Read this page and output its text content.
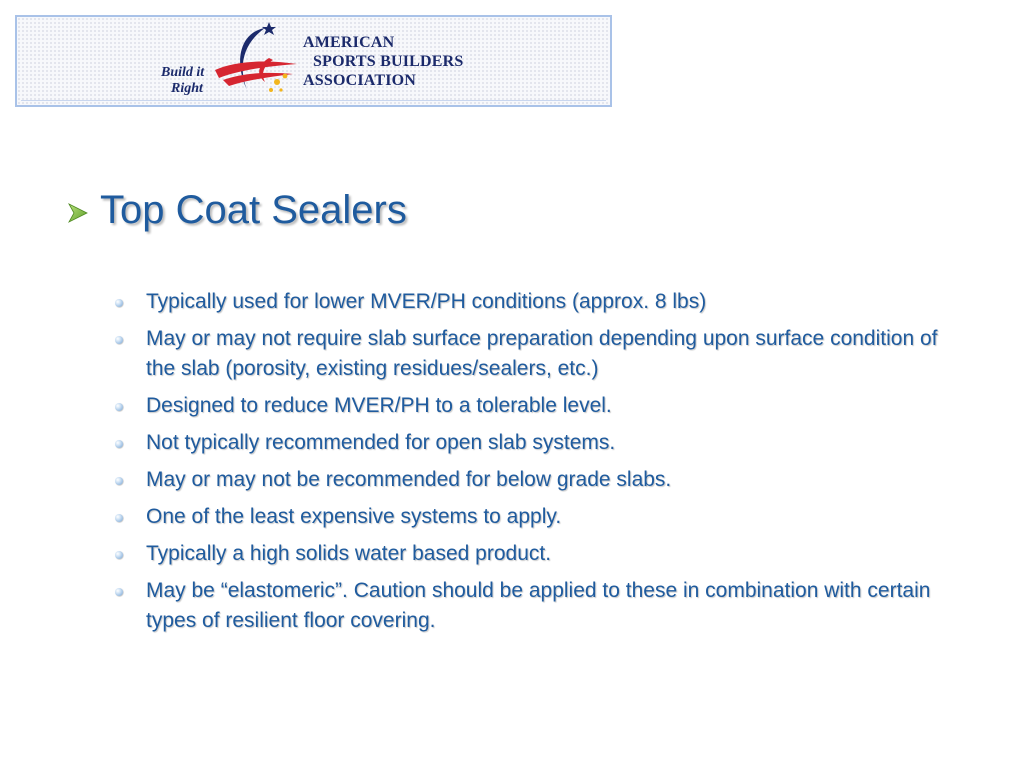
Build it
Right
AMERICAN
SPORTS BUILDERS
ASSOCIATION
Top Coat Sealers
Typically used for lower MVER/PH conditions (approx. 8 lbs)
May or may not require slab surface preparation depending upon surface condition of the slab (porosity, existing residues/sealers, etc.)
Designed to reduce MVER/PH to a tolerable level.
Not typically recommended for open slab systems.
May or may not be recommended for below grade slabs.
One of the least expensive systems to apply.
Typically a high solids water based product.
May be “elastomeric”. Caution should be applied to these in combination with certain types of resilient floor covering.
